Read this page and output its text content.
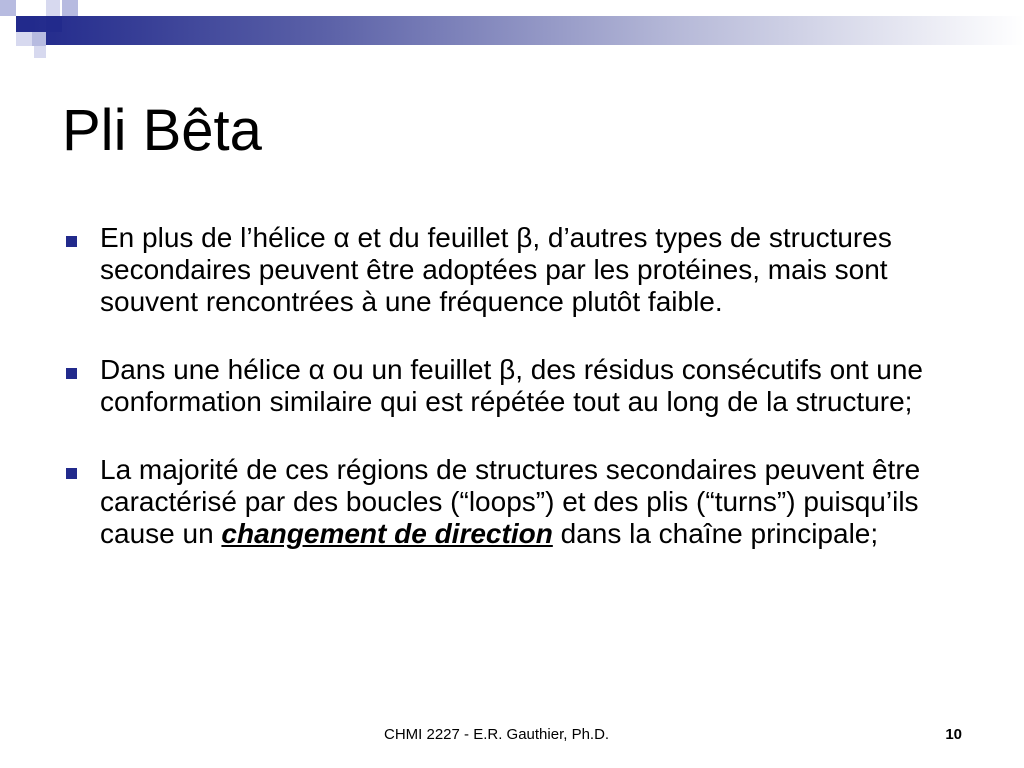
Pli Bêta
En plus de l’hélice α et du feuillet β, d’autres types de structures secondaires peuvent être adoptées par les protéines, mais sont souvent rencontrées à une fréquence plutôt faible.
Dans une hélice α ou un feuillet β, des résidus consécutifs ont une conformation similaire qui est répétée tout au long de la structure;
La majorité de ces régions de structures secondaires peuvent être caractérisé par des boucles (“loops”) et des plis (“turns”) puisqu’ils cause un changement de direction dans la chaîne principale;
CHMI 2227 - E.R. Gauthier, Ph.D.	10
